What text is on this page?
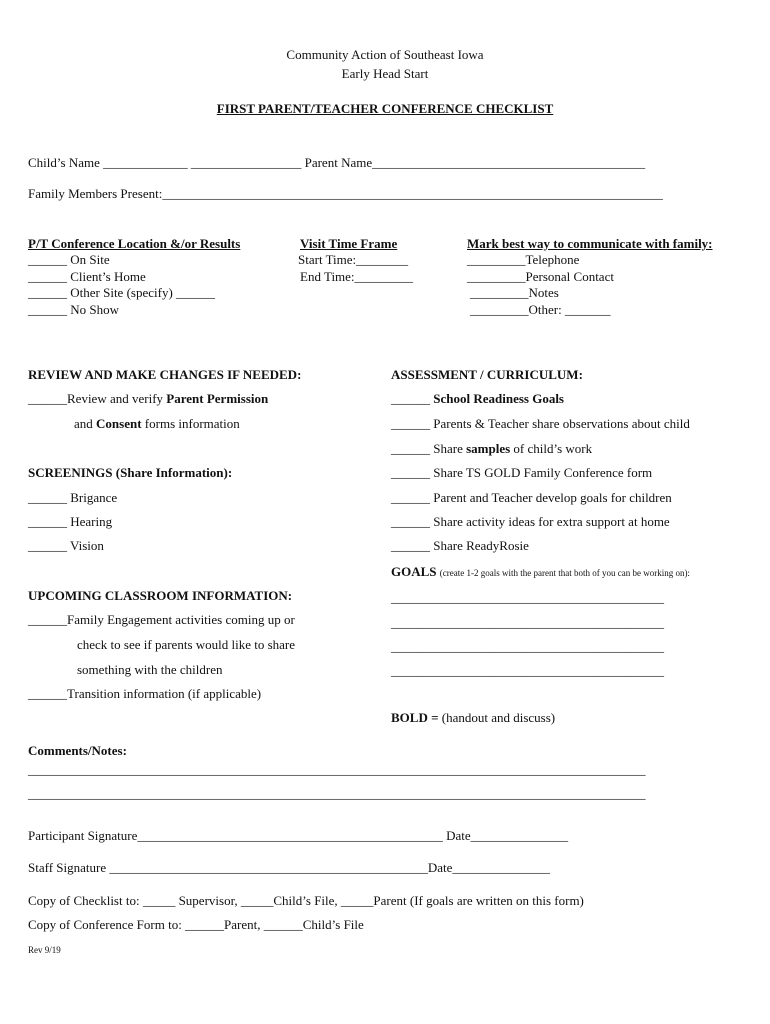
Community Action of Southeast Iowa
Early Head Start
FIRST PARENT/TEACHER CONFERENCE CHECKLIST
Child’s Name _____________ _________________ Parent Name__________________________________________
Family Members Present:_____________________________________________________________________________
P/T Conference Location &/or Results
______ On Site
______ Client’s Home
______ Other Site (specify) ______
______ No Show
Visit Time Frame
Start Time:________
End Time:_________
Mark best way to communicate with family:
_________Telephone
_________Personal Contact
_________Notes
_________Other: _______
REVIEW AND MAKE CHANGES IF NEEDED:
______Review and verify Parent Permission
and Consent forms information
SCREENINGS (Share Information):
______ Brigance
______ Hearing
______ Vision
UPCOMING CLASSROOM INFORMATION:
______Family Engagement activities coming up or
check to see if parents would like to share
something with the children
______Transition information (if applicable)
ASSESSMENT / CURRICULUM:
______ School Readiness Goals
______ Parents & Teacher share observations about child
______ Share samples of child’s work
______ Share TS GOLD Family Conference form
______ Parent and Teacher develop goals for children
______ Share activity ideas for extra support at home
______ Share ReadyRosie
GOALS (create 1-2 goals with the parent that both of you can be working on):
__________________________________________
__________________________________________
__________________________________________
__________________________________________
BOLD = (handout and discuss)
Comments/Notes:
_______________________________________________________________________________________________
_______________________________________________________________________________________________
Participant Signature_______________________________________________ Date_______________
Staff Signature _________________________________________________Date_______________
Copy of Checklist to: _____ Supervisor, _____Child’s File, _____Parent (If goals are written on this form)
Copy of Conference Form to: ______Parent, ______Child’s File
Rev 9/19
